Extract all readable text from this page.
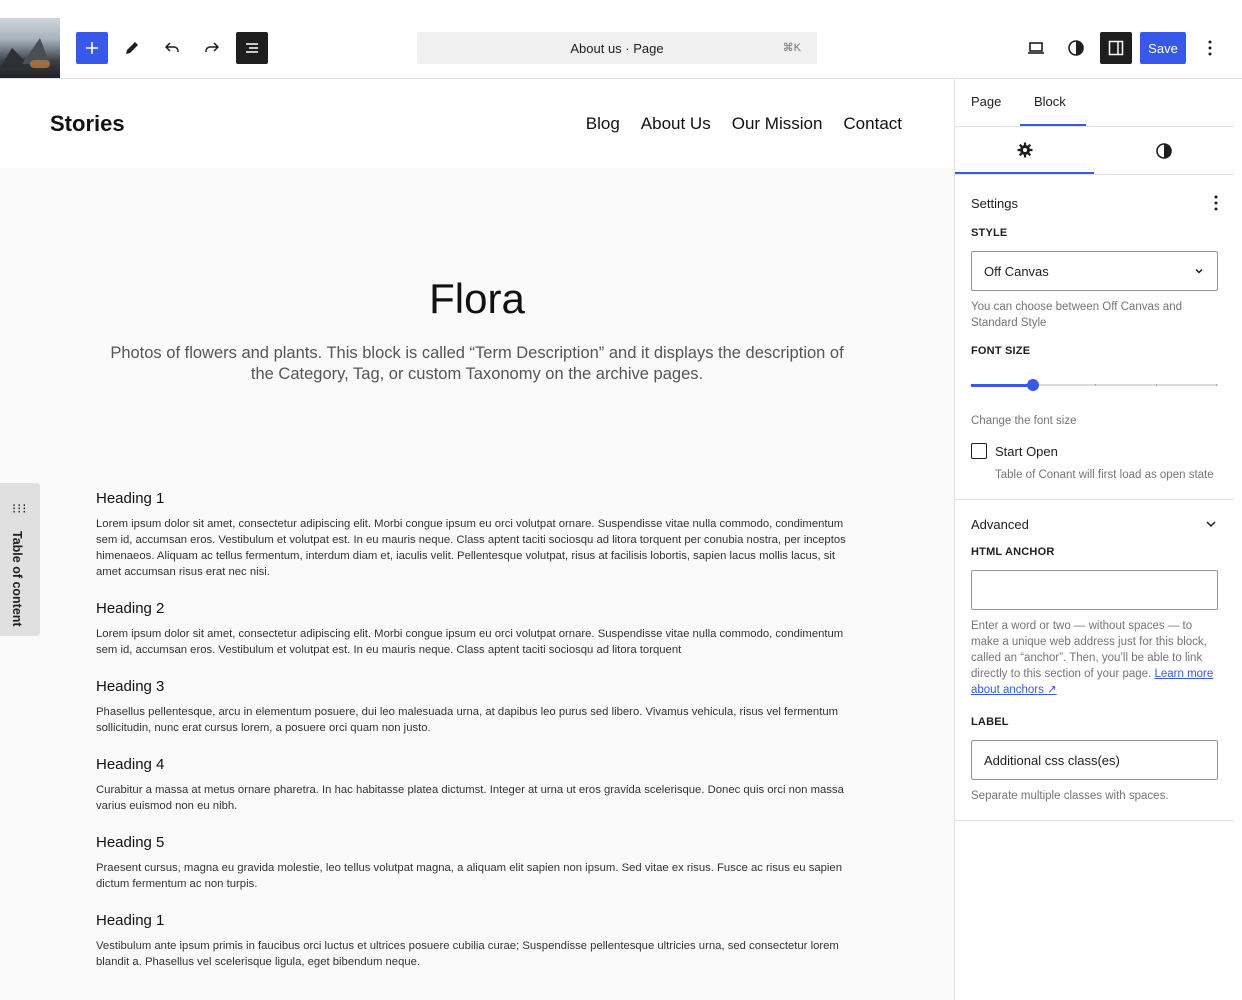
About us · Page	⌘K	Save
Stories	Blog About Us Our Mission Contact
Flora
Photos of flowers and plants. This block is called “Term Description” and it displays the description of the Category, Tag, or custom Taxonomy on the archive pages.
⁝⁝⁝
Table of content
Heading 1

Lorem ipsum dolor sit amet, consectetur adipiscing elit. Morbi congue ipsum eu orci volutpat ornare. Suspendisse vitae nulla commodo, condimentum sem id, accumsan eros. Vestibulum et volutpat est. In eu mauris neque. Class aptent taciti sociosqu ad litora torquent per conubia nostra, per inceptos himenaeos. Aliquam ac tellus fermentum, interdum diam et, iaculis velit. Pellentesque volutpat, risus at facilisis lobortis, sapien lacus mollis lacus, sit amet accumsan risus erat nec nisi.

Heading 2

Lorem ipsum dolor sit amet, consectetur adipiscing elit. Morbi congue ipsum eu orci volutpat ornare. Suspendisse vitae nulla commodo, condimentum sem id, accumsan eros. Vestibulum et volutpat est. In eu mauris neque. Class aptent taciti sociosqu ad litora torquent

Heading 3

Phasellus pellentesque, arcu in elementum posuere, dui leo malesuada urna, at dapibus leo purus sed libero. Vivamus vehicula, risus vel fermentum sollicitudin, nunc erat cursus lorem, a posuere orci quam non justo.

Heading 4

Curabitur a massa at metus ornare pharetra. In hac habitasse platea dictumst. Integer at urna ut eros gravida scelerisque. Donec quis orci non massa varius euismod non eu nibh.

Heading 5

Praesent cursus, magna eu gravida molestie, leo tellus volutpat magna, a aliquam elit sapien non ipsum. Sed vitae ex risus. Fusce ac risus eu sapien dictum fermentum ac non turpis.

Heading 1

Vestibulum ante ipsum primis in faucibus orci luctus et ultrices posuere cubilia curae; Suspendisse pellentesque ultricies urna, sed consectetur lorem blandit a. Phasellus vel scelerisque ligula, eget bibendum neque.

Page	Block
Settings
STYLE
Off Canvas
You can choose between Off Canvas and Standard Style
FONT SIZE
Change the font size
Start Open
Table of Conant will first load as open state
Advanced
HTML ANCHOR
Enter a word or two — without spaces — to make a unique web address just for this block, called an “anchor”. Then, you’ll be able to link directly to this section of your page. Learn more about anchors ↗
LABEL
Additional css class(es)
Separate multiple classes with spaces.
